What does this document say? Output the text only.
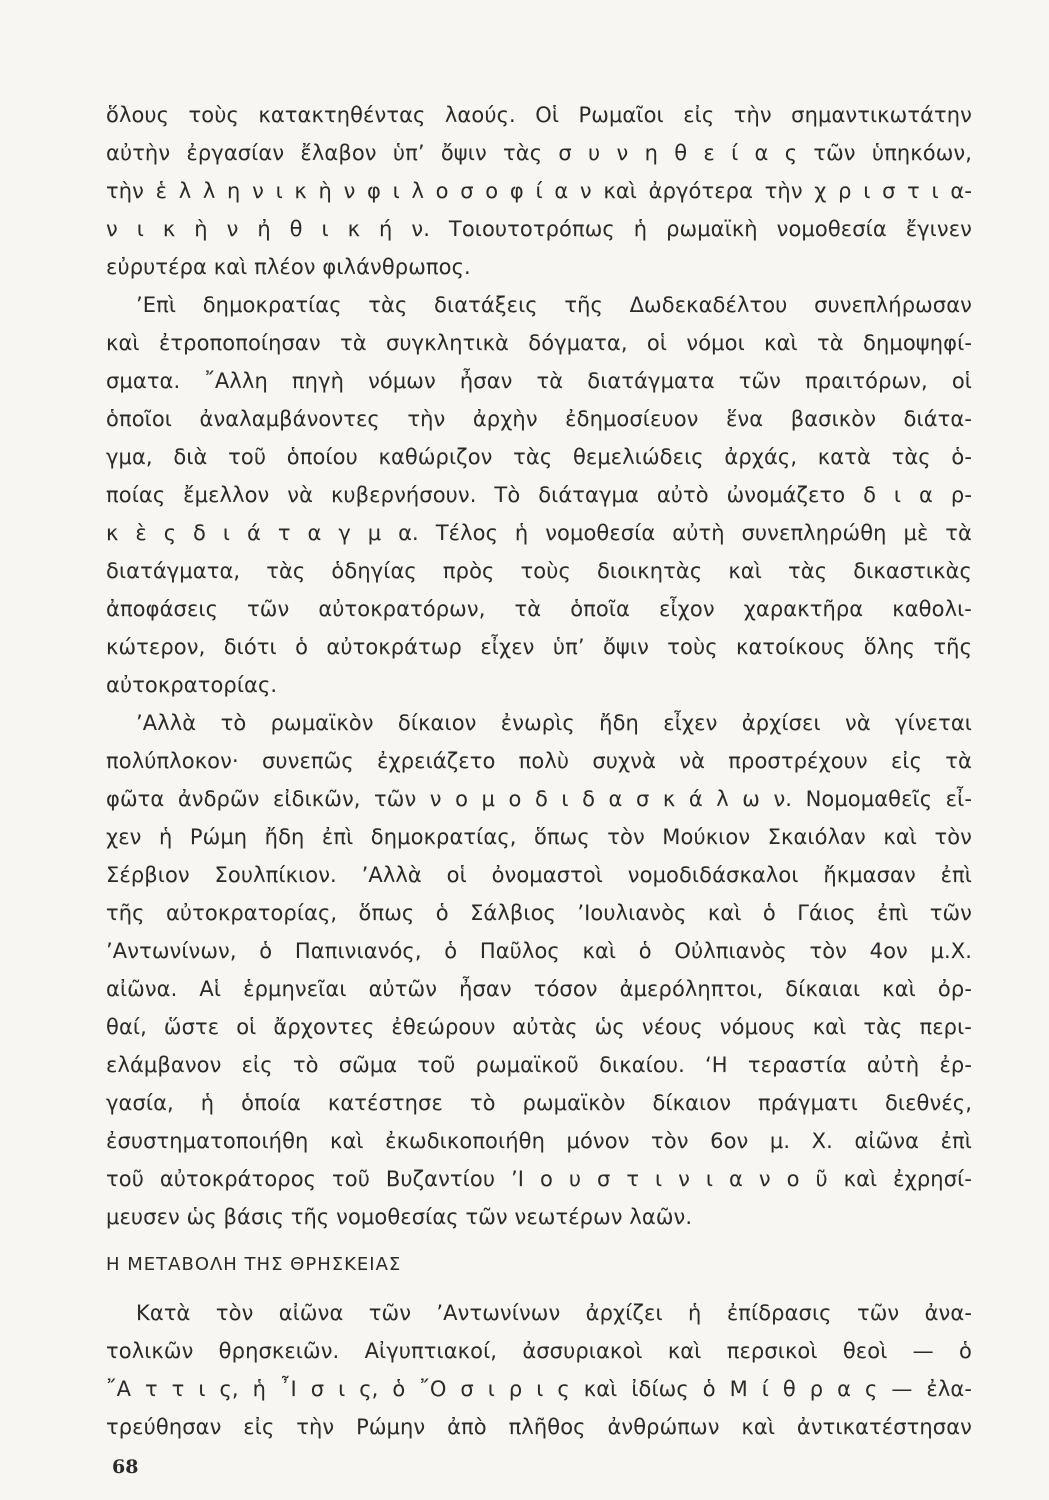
ὅλους τοὺς κατακτηθέντας λαούς. Οἱ Ρωμαῖοι εἰς τὴν σημαντικωτάτην
αὐτὴν ἐργασίαν ἔλαβον ὑπ’ ὄψιν τὰς σ υ ν η θ ε ί α ς τῶν ὑπηκόων,
τὴν ἑ λ λ η ν ι κ ὴ ν φ ι λ ο σ ο φ ί α ν καὶ ἀργότερα τὴν χ ρ ι σ τ ι α-
ν ι κ ὴ ν ἠ θ ι κ ή ν. Τοιουτοτρόπως ἡ ρωμαϊκὴ νομοθεσία ἔγινεν
εὐρυτέρα καὶ πλέον φιλάνθρωπος.
’Επὶ δημοκρατίας τὰς διατάξεις τῆς Δωδεκαδέλτου συνεπλήρωσαν
καὶ ἐτροποποίησαν τὰ συγκλητικὰ δόγματα, οἱ νόμοι καὶ τὰ δημοψηφί-
σματα. ῎Αλλη πηγὴ νόμων ἦσαν τὰ διατάγματα τῶν πραιτόρων, οἱ
ὁποῖοι ἀναλαμβάνοντες τὴν ἀρχὴν ἐδημοσίευον ἕνα βασικὸν διάτα-
γμα, διὰ τοῦ ὁποίου καθώριζον τὰς θεμελιώδεις ἀρχάς, κατὰ τὰς ὁ-
ποίας ἔμελλον νὰ κυβερνήσουν. Τὸ διάταγμα αὐτὸ ὠνομάζετο δ ι α ρ-
κ ὲ ς δ ι ά τ α γ μ α. Τέλος ἡ νομοθεσία αὐτὴ συνεπληρώθη μὲ τὰ
διατάγματα, τὰς ὁδηγίας πρὸς τοὺς διοικητὰς καὶ τὰς δικαστικὰς
ἀποφάσεις τῶν αὐτοκρατόρων, τὰ ὁποῖα εἶχον χαρακτῆρα καθολι-
κώτερον, διότι ὁ αὐτοκράτωρ εἶχεν ὑπ’ ὄψιν τοὺς κατοίκους ὅλης τῆς
αὐτοκρατορίας.
’Αλλὰ τὸ ρωμαϊκὸν δίκαιον ἐνωρὶς ἤδη εἶχεν ἀρχίσει νὰ γίνεται
πολύπλοκον· συνεπῶς ἐχρειάζετο πολὺ συχνὰ νὰ προστρέχουν εἰς τὰ
φῶτα ἀνδρῶν εἰδικῶν, τῶν ν ο μ ο δ ι δ α σ κ ά λ ω ν. Νομομαθεῖς εἶ-
χεν ἡ Ρώμη ἤδη ἐπὶ δημοκρατίας, ὅπως τὸν Μούκιον Σκαιόλαν καὶ τὸν
Σέρβιον Σουλπίκιον. ’Αλλὰ οἱ ὀνομαστοὶ νομοδιδάσκαλοι ἤκμασαν ἐπὶ
τῆς αὐτοκρατορίας, ὅπως ὁ Σάλβιος ’Ιουλιανὸς καὶ ὁ Γάιος ἐπὶ τῶν
’Αντωνίνων, ὁ Παπινιανός, ὁ Παῦλος καὶ ὁ Οὐλπιανὸς τὸν 4ον μ.Χ.
αἰῶνα. Αἱ ἑρμηνεῖαι αὐτῶν ἦσαν τόσον ἀμερόληπτοι, δίκαιαι καὶ ὀρ-
θαί, ὥστε οἱ ἄρχοντες ἐθεώρουν αὐτὰς ὡς νέους νόμους καὶ τὰς περι-
ελάμβανον εἰς τὸ σῶμα τοῦ ρωμαϊκοῦ δικαίου. ‘Η τεραστία αὐτὴ ἐρ-
γασία, ἡ ὁποία κατέστησε τὸ ρωμαϊκὸν δίκαιον πράγματι διεθνές,
ἐσυστηματοποιήθη καὶ ἐκωδικοποιήθη μόνον τὸν 6ον μ. Χ. αἰῶνα ἐπὶ
τοῦ αὐτοκράτορος τοῦ Βυζαντίου ’Ι ο υ σ τ ι ν ι α ν ο ῦ καὶ ἐχρησί-
μευσεν ὡς βάσις τῆς νομοθεσίας τῶν νεωτέρων λαῶν.
Η ΜΕΤΑΒΟΛΗ ΤΗΣ ΘΡΗΣΚΕΙΑΣ
Κατὰ τὸν αἰῶνα τῶν ’Αντωνίνων ἀρχίζει ἡ ἐπίδρασις τῶν ἀνα-
τολικῶν θρησκειῶν. Αἰγυπτιακοί, ἀσσυριακοὶ καὶ περσικοὶ θεοὶ — ὁ
῎Α τ τ ι ς, ἡ ῏Ι σ ι ς, ὁ ῎Ο σ ι ρ ι ς καὶ ἰδίως ὁ Μ ί θ ρ α ς — ἐλα-
τρεύθησαν εἰς τὴν Ρώμην ἀπὸ πλῆθος ἀνθρώπων καὶ ἀντικατέστησαν
68
